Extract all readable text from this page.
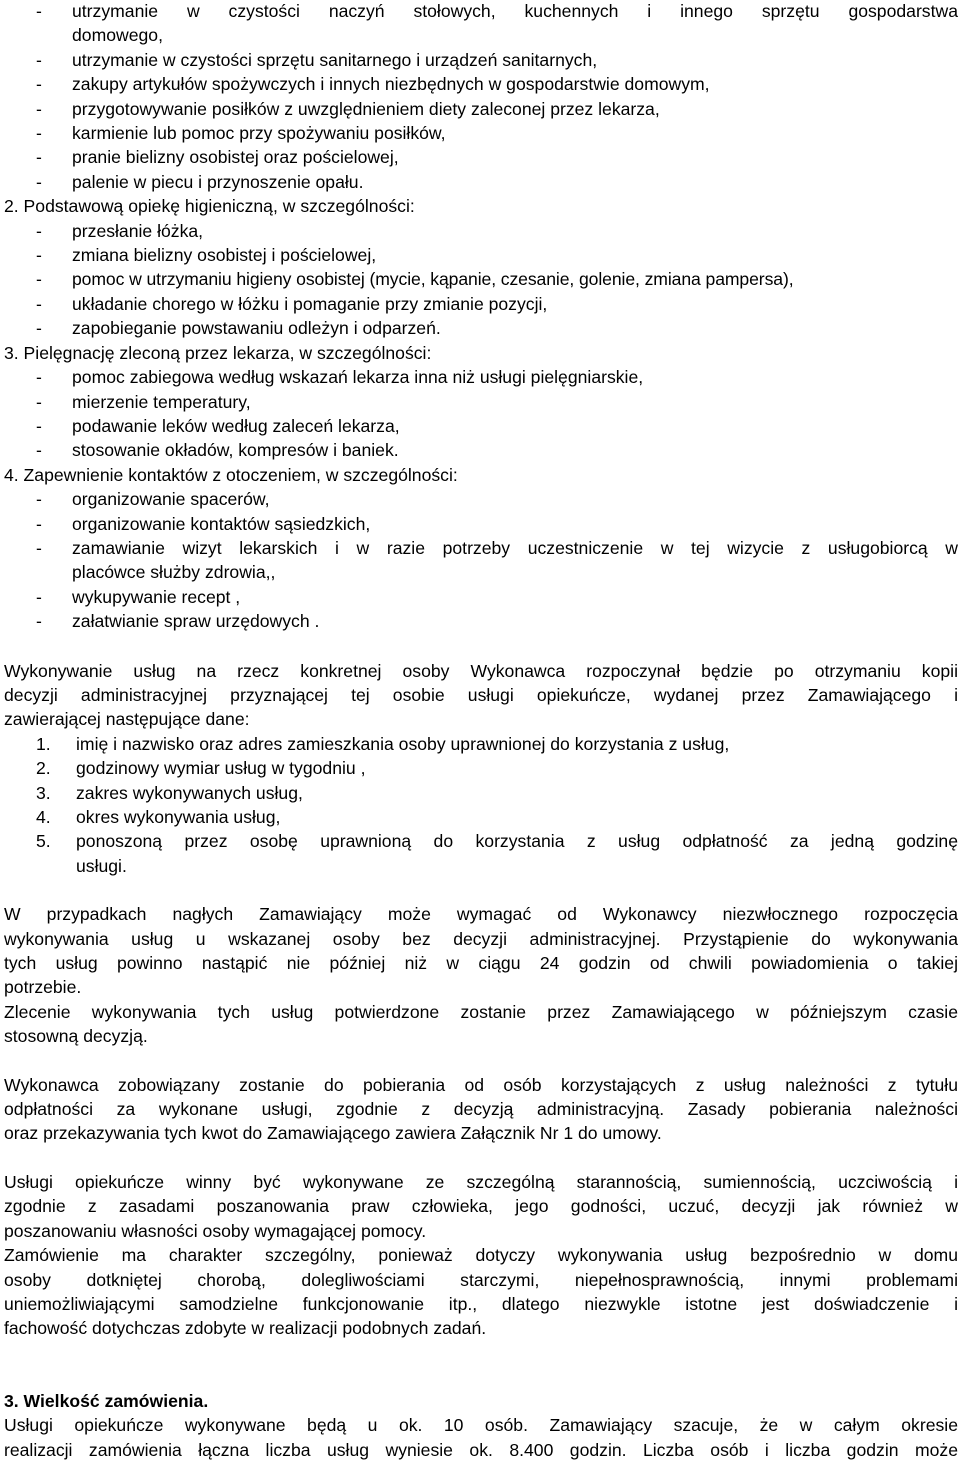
-	utrzymanie w czystości naczyń stołowych, kuchennych i innego sprzętu gospodarstwa
domowego,
-	utrzymanie w czystości sprzętu sanitarnego i urządzeń sanitarnych,
-	zakupy artykułów spożywczych i innych niezbędnych w gospodarstwie domowym,
-	przygotowywanie posiłków z uwzględnieniem diety zaleconej przez lekarza,
-	karmienie lub pomoc przy spożywaniu posiłków,
-	pranie bielizny osobistej oraz pościelowej,
-	palenie w piecu i przynoszenie opału.
2. Podstawową opiekę higieniczną, w szczególności:
-	przesłanie łóżka,
-	zmiana bielizny osobistej i pościelowej,
-	pomoc w utrzymaniu higieny osobistej (mycie, kąpanie, czesanie, golenie, zmiana pampersa),
-	układanie chorego w łóżku i pomaganie przy zmianie pozycji,
-	zapobieganie powstawaniu odleżyn i odparzeń.
3. Pielęgnację zleconą przez lekarza, w szczególności:
-	pomoc zabiegowa według wskazań lekarza inna niż usługi pielęgniarskie,
-	mierzenie temperatury,
-	podawanie leków według zaleceń lekarza,
-	stosowanie okładów, kompresów i baniek.
4. Zapewnienie kontaktów z otoczeniem, w szczególności:
-	organizowanie spacerów,
-	organizowanie kontaktów sąsiedzkich,
-	zamawianie wizyt lekarskich i w razie potrzeby uczestniczenie w tej wizycie z usługobiorcą w
placówce służby zdrowia,,
-	wykupywanie recept ,
-	załatwianie spraw urzędowych .
Wykonywanie usług na rzecz konkretnej osoby Wykonawca rozpoczynał będzie po otrzymaniu kopii
decyzji administracyjnej przyznającej tej osobie usługi opiekuńcze, wydanej przez Zamawiającego i
zawierającej następujące dane:
1.	imię i nazwisko oraz adres zamieszkania osoby uprawnionej do korzystania z usług,
2.	godzinowy wymiar usług w tygodniu ,
3.	zakres wykonywanych usług,
4.	okres wykonywania usług,
5.	ponoszoną przez osobę uprawnioną do korzystania z usług odpłatność za jedną godzinę
usługi.
W przypadkach nagłych Zamawiający może wymagać od Wykonawcy niezwłocznego rozpoczęcia
wykonywania usług u wskazanej osoby bez decyzji administracyjnej. Przystąpienie do wykonywania
tych usług powinno nastąpić nie później niż w ciągu 24 godzin od chwili powiadomienia o takiej
potrzebie.
Zlecenie wykonywania tych usług potwierdzone zostanie przez Zamawiającego w późniejszym czasie
stosowną decyzją.
Wykonawca zobowiązany zostanie do pobierania od osób korzystających z usług należności z tytułu
odpłatności za wykonane usługi, zgodnie z decyzją administracyjną. Zasady pobierania należności
oraz przekazywania tych kwot do Zamawiającego zawiera Załącznik Nr 1 do umowy.
Usługi opiekuńcze winny być wykonywane ze szczególną starannością, sumiennością, uczciwością i
zgodnie z zasadami poszanowania praw człowieka, jego godności, uczuć, decyzji jak również w
poszanowaniu własności osoby wymagającej pomocy.
Zamówienie ma charakter szczególny, ponieważ dotyczy wykonywania usług bezpośrednio w domu
osoby dotkniętej chorobą, dolegliwościami starczymi, niepełnosprawnością, innymi problemami
uniemożliwiającymi samodzielne funkcjonowanie itp., dlatego niezwykle istotne jest doświadczenie i
fachowość dotychczas zdobyte w realizacji podobnych zadań.
3. Wielkość zamówienia.
Usługi opiekuńcze wykonywane będą u ok. 10 osób. Zamawiający szacuje, że w całym okresie
realizacji zamówienia łączna liczba usług wyniesie ok. 8.400 godzin. Liczba osób i liczba godzin może
